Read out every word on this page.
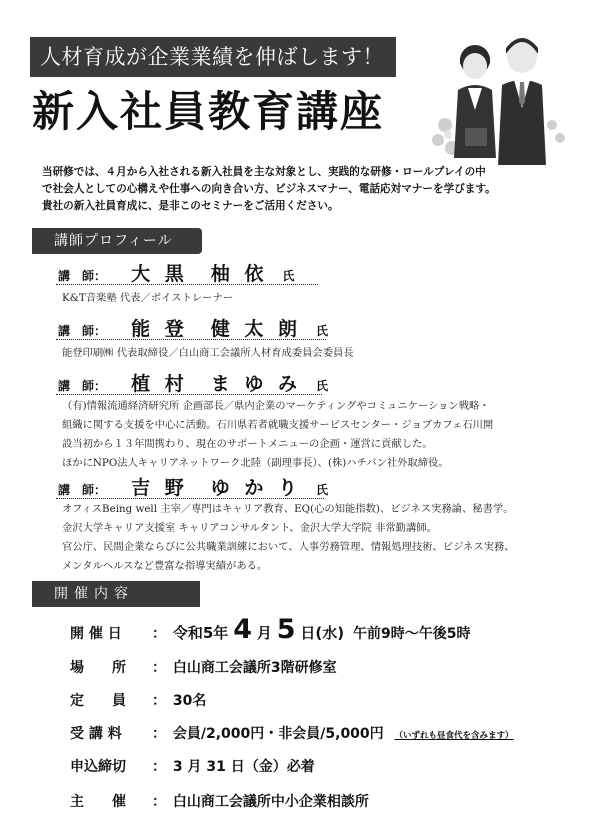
人材育成が企業業績を伸ばします！
新入社員教育講座
当研修では、４月から入社される新入社員を主な対象とし、実践的な研修・ロールプレイの中
で社会人としての心構えや仕事への向き合い方、ビジネスマナー、電話応対マナーを学びます。
貴社の新入社員育成に、是非このセミナーをご活用ください。
講師プロフィール
講　師： 大 黒　柚 依 氏
K&T音楽塾 代表／ボイストレーナー
講　師： 能 登　健 太 朗 氏
能登印刷㈱ 代表取締役／白山商工会議所人材育成委員会委員長
講　師： 植 村　ま ゆ み 氏
（有)情報流通経済研究所 企画部長／県内企業のマーケティングやコミュニケーション戦略・
組織に関する支援を中心に活動。石川県若者就職支援サービスセンター・ジョブカフェ石川開
設当初から１３年間携わり、現在のサポートメニューの企画・運営に貢献した。
ほかにNPO法人キャリアネットワーク北陸（副理事長）、(株)ハチバン社外取締役。
講　師： 吉 野　ゆ か り 氏
オフィスBeing well 主宰／専門はキャリア教育、EQ(心の知能指数)、ビジネス実務論、秘書学。
金沢大学キャリア支援室 キャリアコンサルタント、金沢大学大学院 非常勤講師。
官公庁、民間企業ならびに公共職業訓練において、人事労務管理、情報処理技術、ビジネス実務、
メンタルヘルスなど豊富な指導実績がある。
開催内容
開 催 日 ： 令和5年 4 月 5 日(水) 午前9時～午後5時
場　　所 ： 白山商工会議所3階研修室
定　　員 ： 30名
受 講 料 ： 会員/2,000円・非会員/5,000円 （いずれも昼食代を含みます）
申込締切 ： 3 月 31 日（金）必着
主　　催 ： 白山商工会議所中小企業相談所
